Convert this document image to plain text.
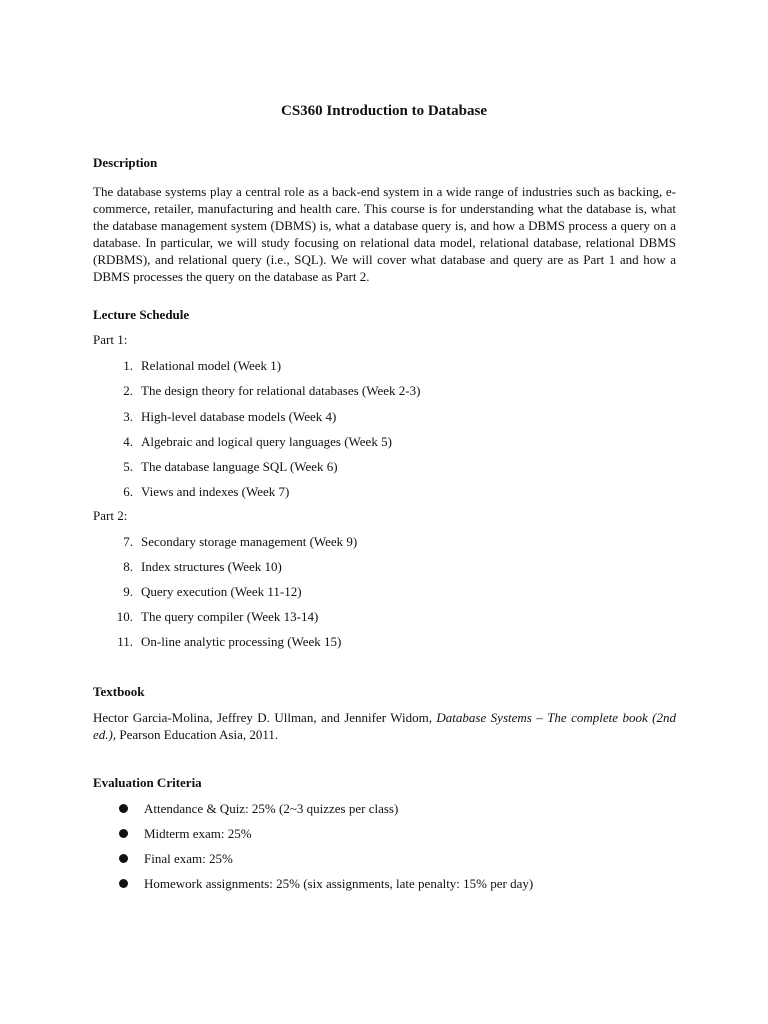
CS360 Introduction to Database
Description
The database systems play a central role as a back-end system in a wide range of industries such as backing, e-commerce, retailer, manufacturing and health care. This course is for understanding what the database is, what the database management system (DBMS) is, what a database query is, and how a DBMS process a query on a database. In particular, we will study focusing on relational data model, relational database, relational DBMS (RDBMS), and relational query (i.e., SQL). We will cover what database and query are as Part 1 and how a DBMS processes the query on the database as Part 2.
Lecture Schedule
Part 1:
1. Relational model (Week 1)
2. The design theory for relational databases (Week 2-3)
3. High-level database models (Week 4)
4. Algebraic and logical query languages (Week 5)
5. The database language SQL (Week 6)
6. Views and indexes (Week 7)
Part 2:
7. Secondary storage management (Week 9)
8. Index structures (Week 10)
9. Query execution (Week 11-12)
10. The query compiler (Week 13-14)
11. On-line analytic processing (Week 15)
Textbook
Hector Garcia-Molina, Jeffrey D. Ullman, and Jennifer Widom, Database Systems – The complete book (2nd ed.), Pearson Education Asia, 2011.
Evaluation Criteria
Attendance & Quiz: 25% (2~3 quizzes per class)
Midterm exam: 25%
Final exam: 25%
Homework assignments: 25% (six assignments, late penalty: 15% per day)
